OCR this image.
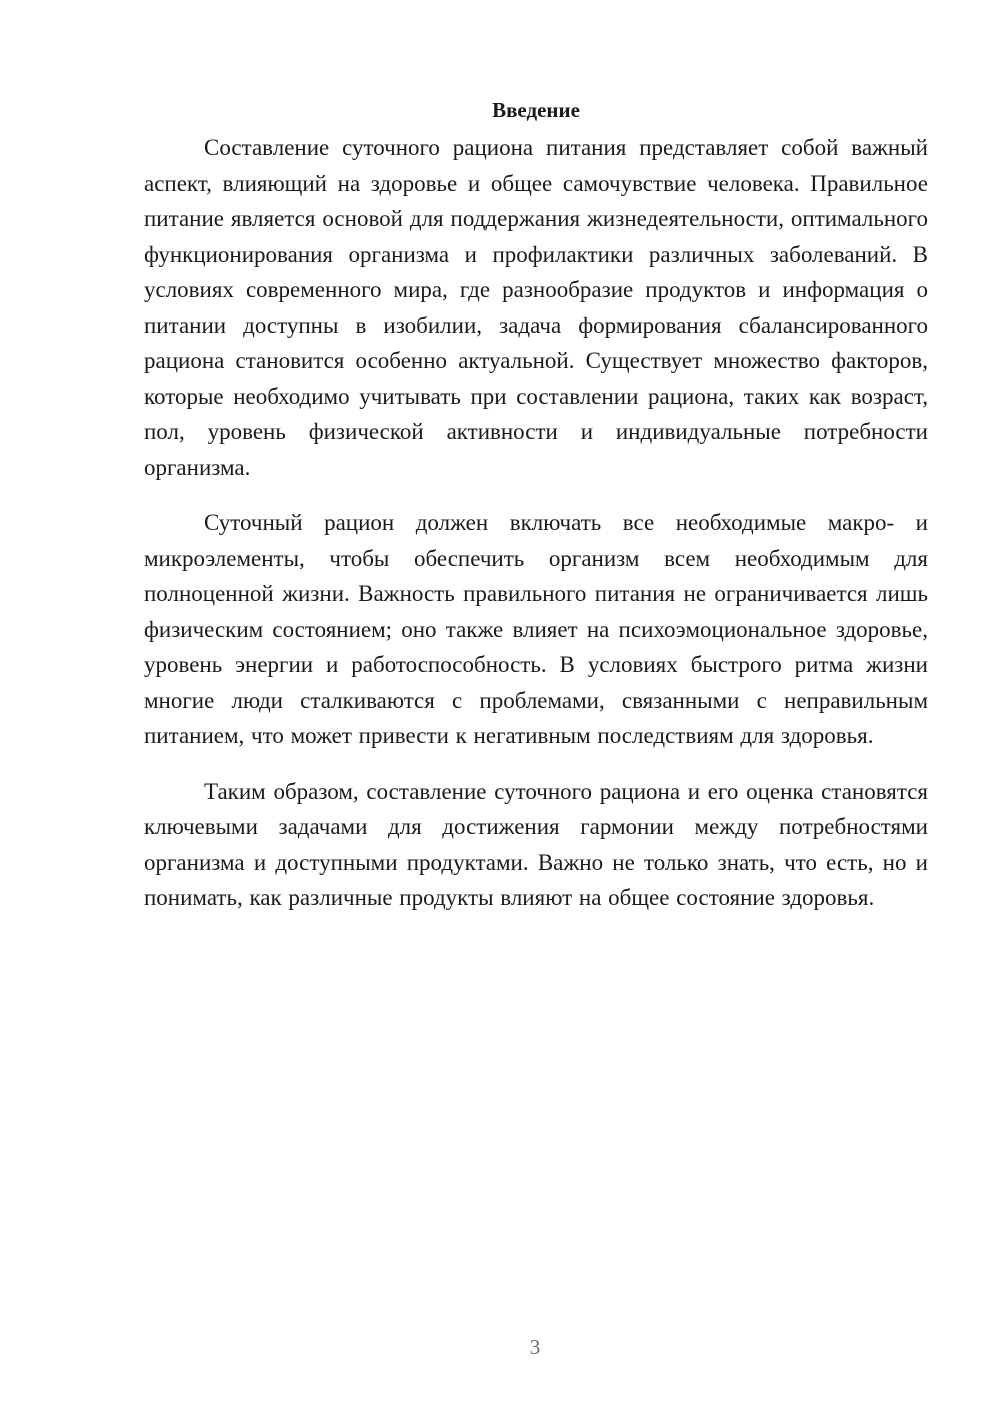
Введение

Составление суточного рациона питания представляет собой важный аспект, влияющий на здоровье и общее самочувствие человека. Правильное питание является основой для поддержания жизнедеятельности, оптимального функционирования организма и профилактики различных заболеваний. В условиях современного мира, где разнообразие продуктов и информация о питании доступны в изобилии, задача формирования сбалансированного рациона становится особенно актуальной. Существует множество факторов, которые необходимо учитывать при составлении рациона, таких как возраст, пол, уровень физической активности и индивидуальные потребности организма.

Суточный рацион должен включать все необходимые макро- и микроэлементы, чтобы обеспечить организм всем необходимым для полноценной жизни. Важность правильного питания не ограничивается лишь физическим состоянием; оно также влияет на психоэмоциональное здоровье, уровень энергии и работоспособность. В условиях быстрого ритма жизни многие люди сталкиваются с проблемами, связанными с неправильным питанием, что может привести к негативным последствиям для здоровья.

Таким образом, составление суточного рациона и его оценка становятся ключевыми задачами для достижения гармонии между потребностями организма и доступными продуктами. Важно не только знать, что есть, но и понимать, как различные продукты влияют на общее состояние здоровья.

3
